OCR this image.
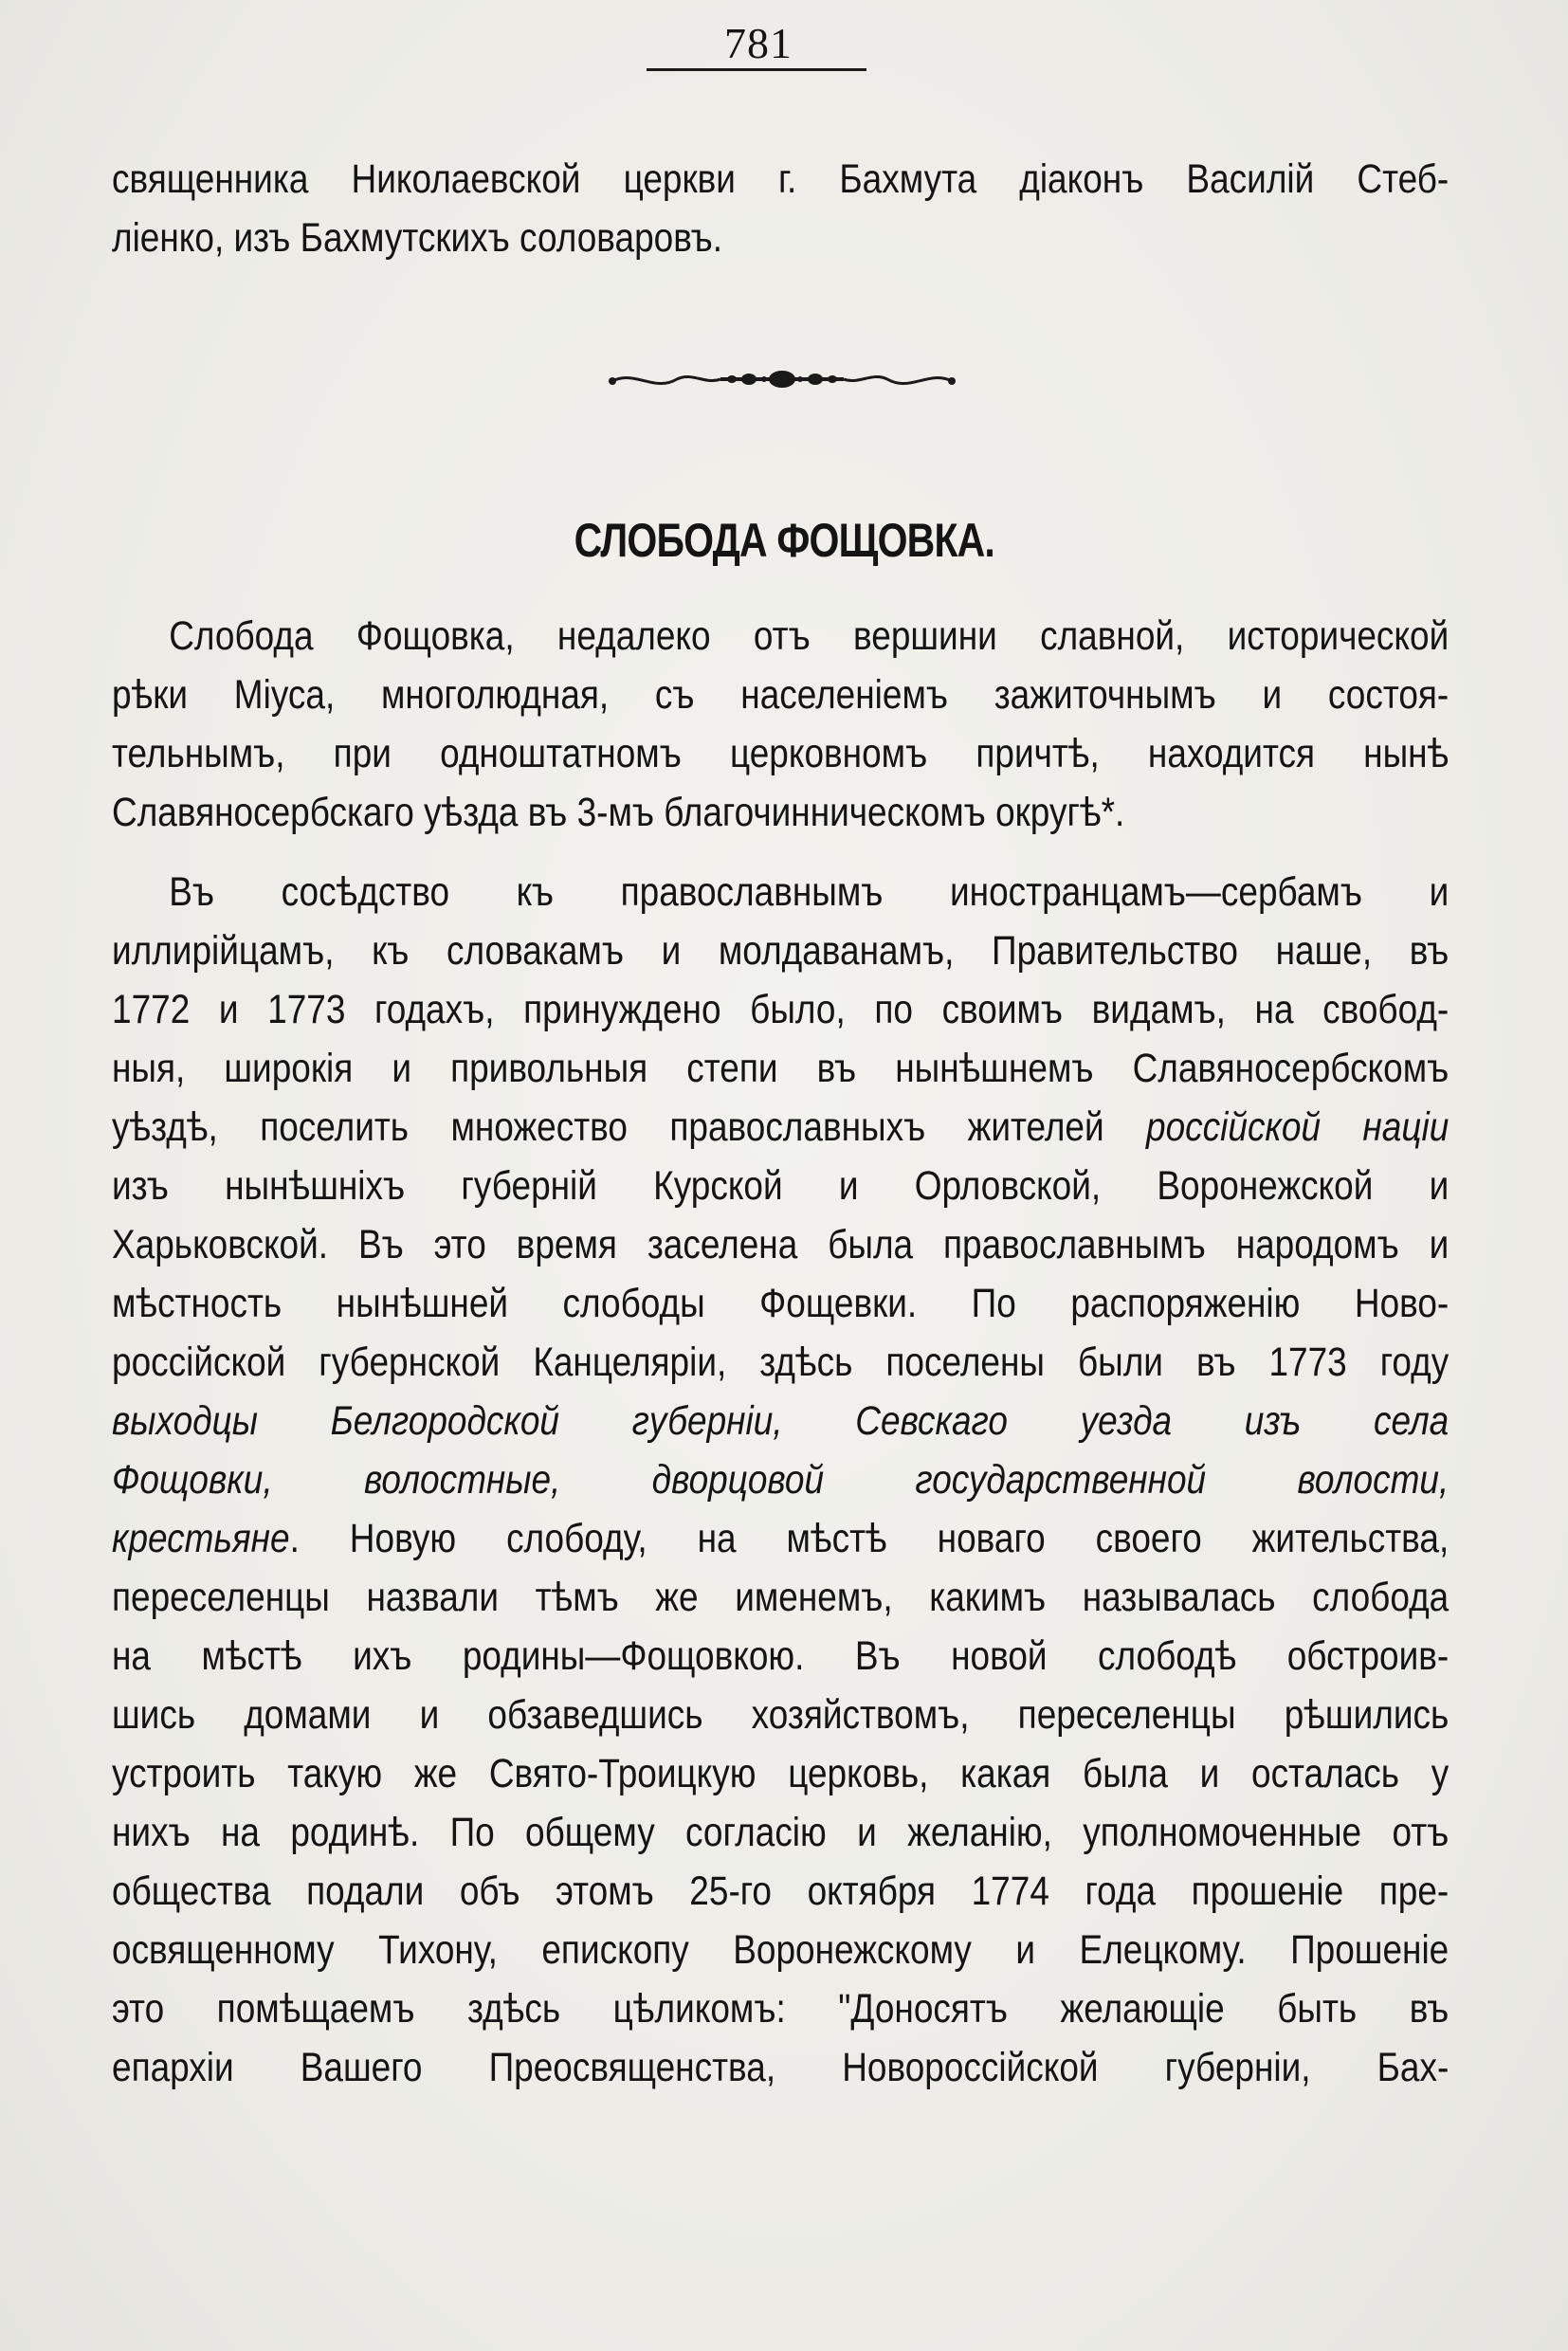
781
священника Николаевской церкви г. Бахмута діаконъ Василій Стеб-
ліенко, изъ Бахмутскихъ соловаровъ.
СЛОБОДА ФОЩОВКА.
Слобода Фощовка, недалеко отъ вершини славной, исторической
рѣки Міуса, многолюдная, съ населеніемъ зажиточнымъ и состоя-
тельнымъ, при одноштатномъ церковномъ причтѣ, находится нынѣ
Славяносербскаго уѣзда въ 3-мъ благочинническомъ округѣ*.
Въ сосѣдство къ православнымъ иностранцамъ—сербамъ и
иллирійцамъ, къ словакамъ и молдаванамъ, Правительство наше, въ
1772 и 1773 годахъ, принуждено было, по своимъ видамъ, на свобод-
ныя, широкія и привольныя степи въ нынѣшнемъ Славяносербскомъ
уѣздѣ, поселить множество православныхъ жителей россійской націи
изъ нынѣшніхъ губерній Курской и Орловской, Воронежской и
Харьковской. Въ это время заселена была православнымъ народомъ и
мѣстность нынѣшней слободы Фощевки. По распоряженію Ново-
россійской губернской Канцеляріи, здѣсь поселены были въ 1773 году
выходцы Белгородской губерніи, Севскаго уезда изъ села
Фощовки, волостные, дворцовой государственной волости,
крестьяне. Новую слободу, на мѣстѣ новаго своего жительства,
переселенцы назвали тѣмъ же именемъ, какимъ называлась слобода
на мѣстѣ ихъ родины—Фощовкою. Въ новой слободѣ обстроив-
шись домами и обзаведшись хозяйствомъ, переселенцы рѣшились
устроить такую же Свято-Троицкую церковь, какая была и осталась у
нихъ на родинѣ. По общему согласію и желанію, уполномоченные отъ
общества подали объ этомъ 25-го октября 1774 года прошеніе пре-
освященному Тихону, епископу Воронежскому и Елецкому. Прошеніе
это помѣщаемъ здѣсь цѣликомъ: "Доносятъ желающіе быть въ
епархіи Вашего Преосвященства, Новороссійской губерніи, Бах-
